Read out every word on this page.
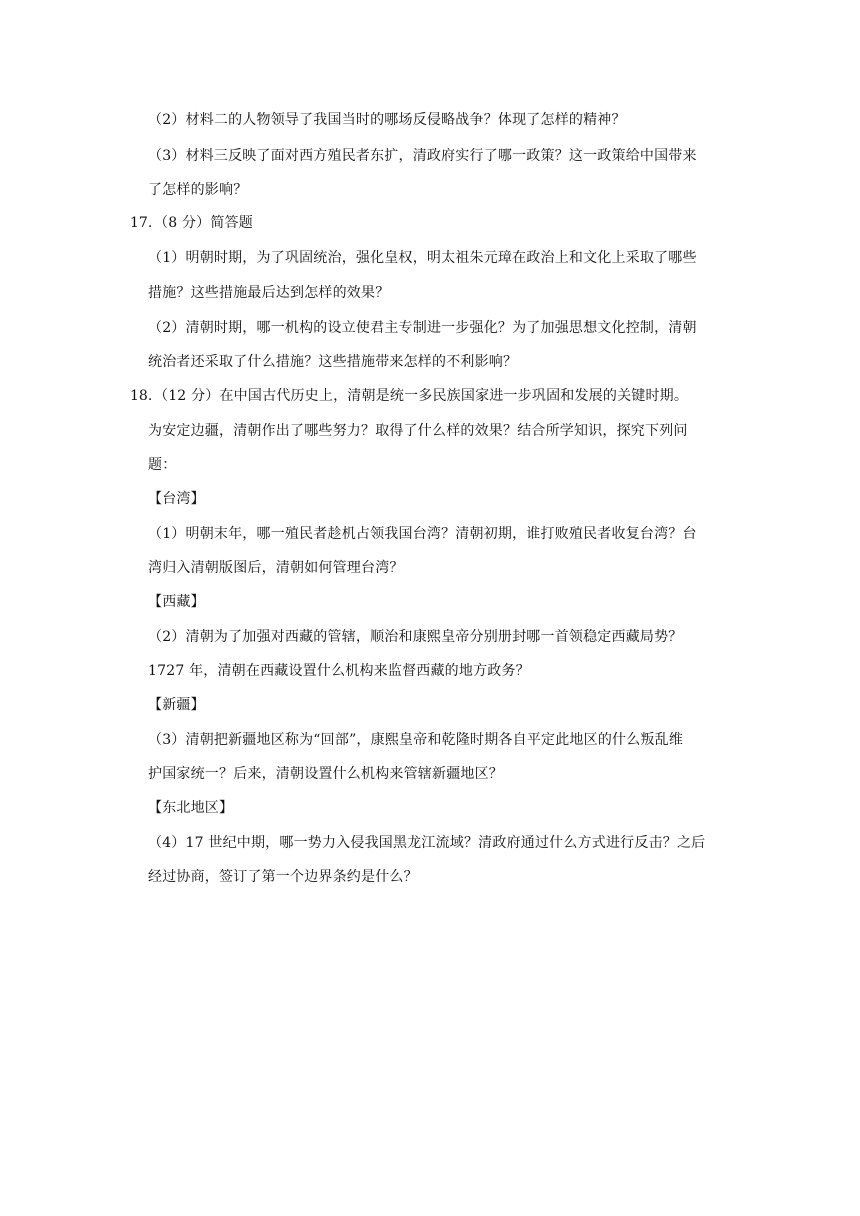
（2）材料二的人物领导了我国当时的哪场反侵略战争？体现了怎样的精神？
（3）材料三反映了面对西方殖民者东扩，清政府实行了哪一政策？这一政策给中国带来
了怎样的影响？
17. （8 分）简答题
（1）明朝时期，为了巩固统治，强化皇权，明太祖朱元璋在政治上和文化上采取了哪些
措施？这些措施最后达到怎样的效果？
（2）清朝时期，哪一机构的设立使君主专制进一步强化？为了加强思想文化控制，清朝
统治者还采取了什么措施？这些措施带来怎样的不利影响？
18. （12 分）在中国古代历史上，清朝是统一多民族国家进一步巩固和发展的关键时期。
为安定边疆，清朝作出了哪些努力？取得了什么样的效果？结合所学知识，探究下列问
题：
【台湾】
（1）明朝末年，哪一殖民者趁机占领我国台湾？清朝初期，谁打败殖民者收复台湾？台
湾归入清朝版图后，清朝如何管理台湾？
【西藏】
（2）清朝为了加强对西藏的管辖，顺治和康熙皇帝分别册封哪一首领稳定西藏局势？
1727 年，清朝在西藏设置什么机构来监督西藏的地方政务？
【新疆】
（3）清朝把新疆地区称为“回部”，康熙皇帝和乾隆时期各自平定此地区的什么叛乱维
护国家统一？后来，清朝设置什么机构来管辖新疆地区？
【东北地区】
（4）17 世纪中期，哪一势力入侵我国黑龙江流域？清政府通过什么方式进行反击？之后
经过协商，签订了第一个边界条约是什么？
